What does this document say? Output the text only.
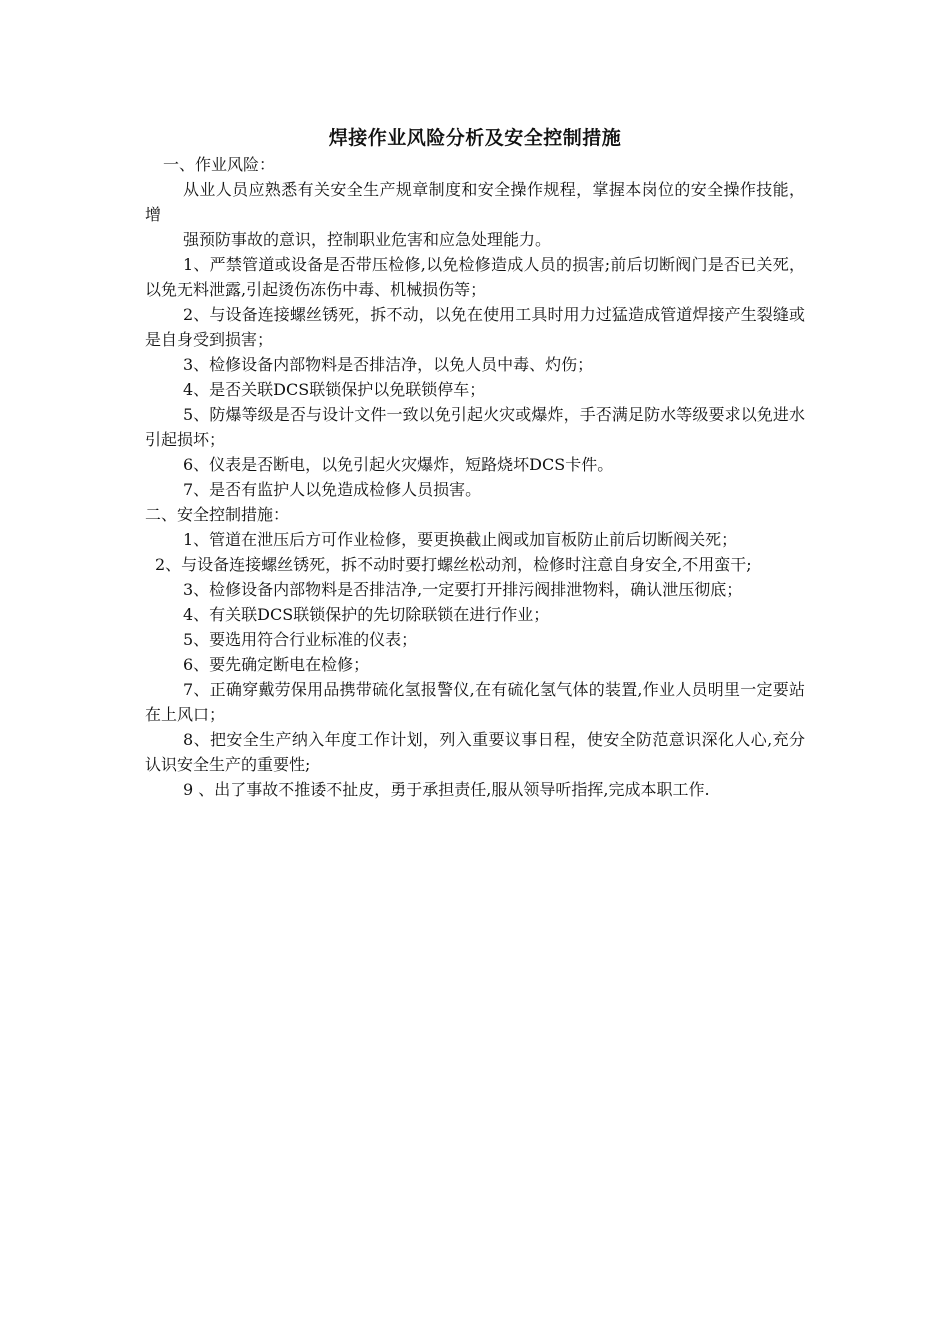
焊接作业风险分析及安全控制措施

一、作业风险：

从业人员应熟悉有关安全生产规章制度和安全操作规程，掌握本岗位的安全操作技能，增

强预防事故的意识，控制职业危害和应急处理能力。

1、严禁管道或设备是否带压检修,以免检修造成人员的损害;前后切断阀门是否已关死，以免无料泄露,引起烫伤冻伤中毒、机械损伤等；

2、与设备连接螺丝锈死，拆不动，以免在使用工具时用力过猛造成管道焊接产生裂缝或是自身受到损害；

3、检修设备内部物料是否排洁净，以免人员中毒、灼伤；

4、是否关联DCS联锁保护以免联锁停车；

5、防爆等级是否与设计文件一致以免引起火灾或爆炸，手否满足防水等级要求以免进水引起损坏；

6、仪表是否断电，以免引起火灾爆炸，短路烧坏DCS卡件。

7、是否有监护人以免造成检修人员损害。

二、安全控制措施：

1、管道在泄压后方可作业检修，要更换截止阀或加盲板防止前后切断阀关死；

2、与设备连接螺丝锈死，拆不动时要打螺丝松动剂，检修时注意自身安全,不用蛮干;

3、检修设备内部物料是否排洁净,一定要打开排污阀排泄物料，确认泄压彻底；

4、有关联DCS联锁保护的先切除联锁在进行作业；

5、要选用符合行业标准的仪表；

6、要先确定断电在检修；

7、正确穿戴劳保用品携带硫化氢报警仪,在有硫化氢气体的装置,作业人员明里一定要站在上风口；

8、把安全生产纳入年度工作计划，列入重要议事日程，使安全防范意识深化人心,充分认识安全生产的重要性;

9 、出了事故不推诿不扯皮，勇于承担责任,服从领导听指挥,完成本职工作.
